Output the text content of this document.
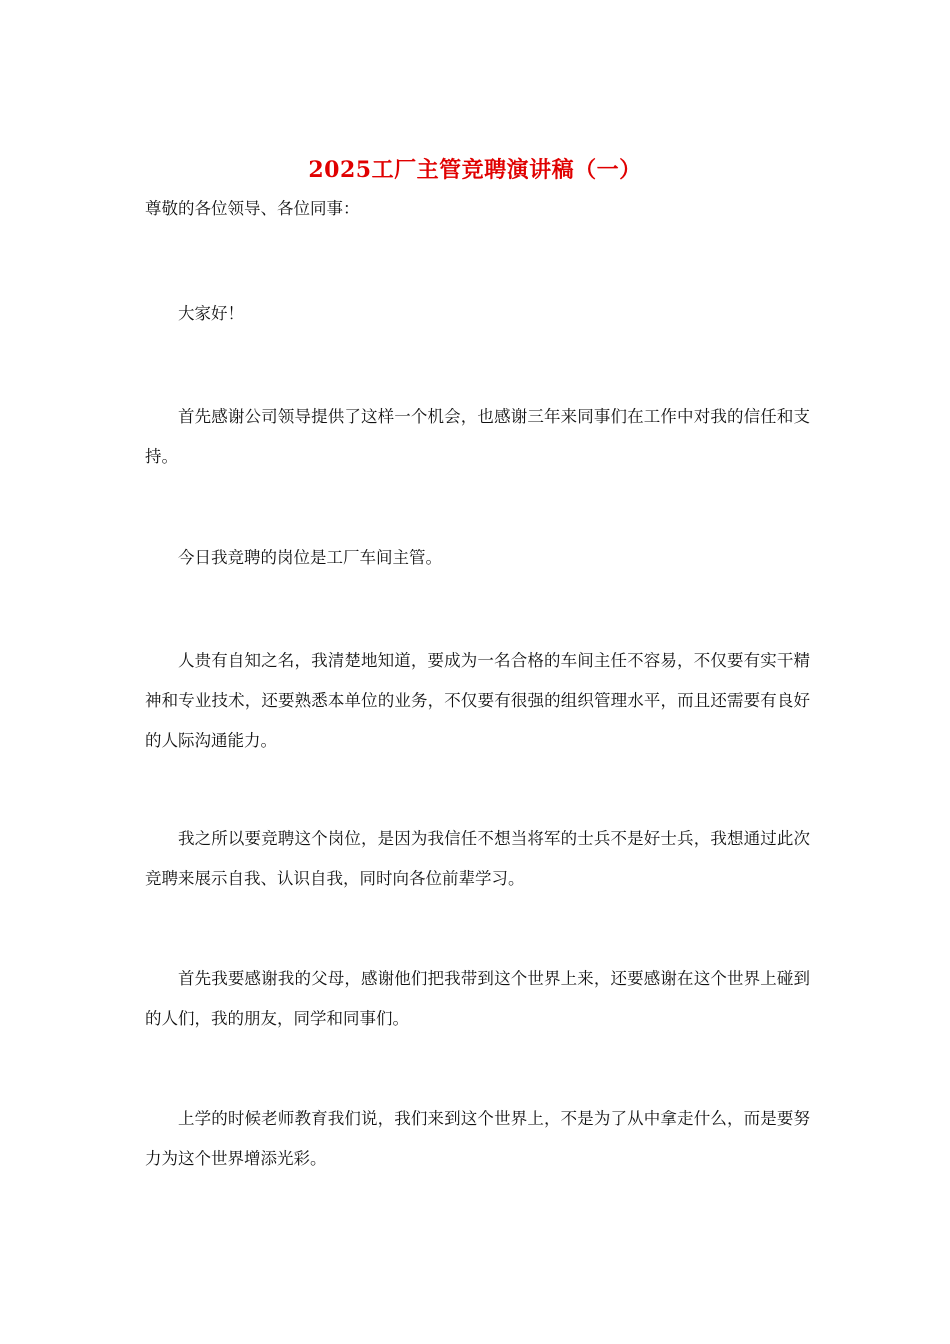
2025工厂主管竞聘演讲稿（一）
尊敬的各位领导、各位同事：
大家好！
首先感谢公司领导提供了这样一个机会，也感谢三年来同事们在工作中对我的信任和支持。
今日我竞聘的岗位是工厂车间主管。
人贵有自知之名，我清楚地知道，要成为一名合格的车间主任不容易，不仅要有实干精神和专业技术，还要熟悉本单位的业务，不仅要有很强的组织管理水平，而且还需要有良好的人际沟通能力。
我之所以要竞聘这个岗位，是因为我信任不想当将军的士兵不是好士兵，我想通过此次竞聘来展示自我、认识自我，同时向各位前辈学习。
首先我要感谢我的父母，感谢他们把我带到这个世界上来，还要感谢在这个世界上碰到的人们，我的朋友，同学和同事们。
上学的时候老师教育我们说，我们来到这个世界上，不是为了从中拿走什么，而是要努力为这个世界增添光彩。
